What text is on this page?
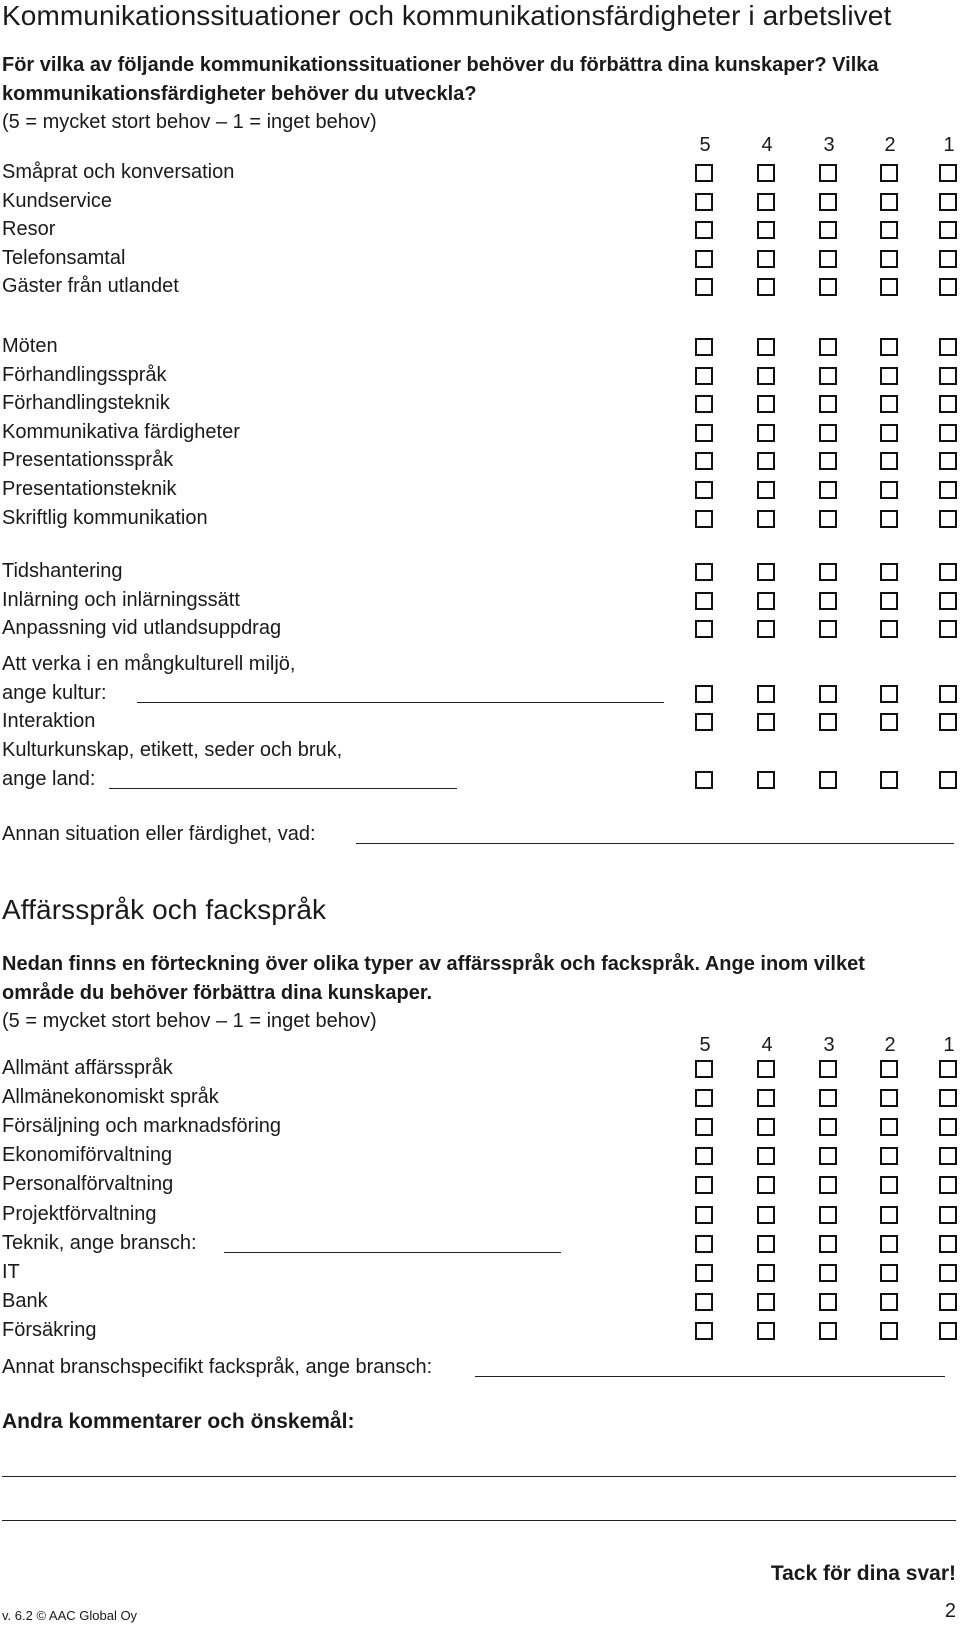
Kommunikationssituationer och kommunikationsfärdigheter i arbetslivet
För vilka av följande kommunikationssituationer behöver du förbättra dina kunskaper? Vilka kommunikationsfärdigheter behöver du utveckla?
(5 = mycket stort behov – 1 = inget behov)
5	4	3 2 1
Småprat och konversation
Kundservice
Resor
Telefonsamtal
Gäster från utlandet
Möten
Förhandlingsspråk
Förhandlingsteknik
Kommunikativa färdigheter
Presentationsspråk
Presentationsteknik
Skriftlig kommunikation
Tidshantering
Inlärning och inlärningssätt
Anpassning vid utlandsuppdrag
Att verka i en mångkulturell miljö,
ange kultur:
Interaktion
Kulturkunskap, etikett, seder och bruk,
ange land:
Annan situation eller färdighet, vad:
Affärsspråk och fackspråk
Nedan finns en förteckning över olika typer av affärsspråk och fackspråk. Ange inom vilket område du behöver förbättra dina kunskaper.
(5 = mycket stort behov – 1 = inget behov)
5	4	3 2 1
Allmänt affärsspråk
Allmänekonomiskt språk
Försäljning och marknadsföring
Ekonomiförvaltning
Personalförvaltning
Projektförvaltning
Teknik, ange bransch:
IT
Bank
Försäkring
Annat branschspecifikt fackspråk, ange bransch:
Andra kommentarer och önskemål:
Tack för dina svar!
v. 6.2 © AAC Global Oy	2
